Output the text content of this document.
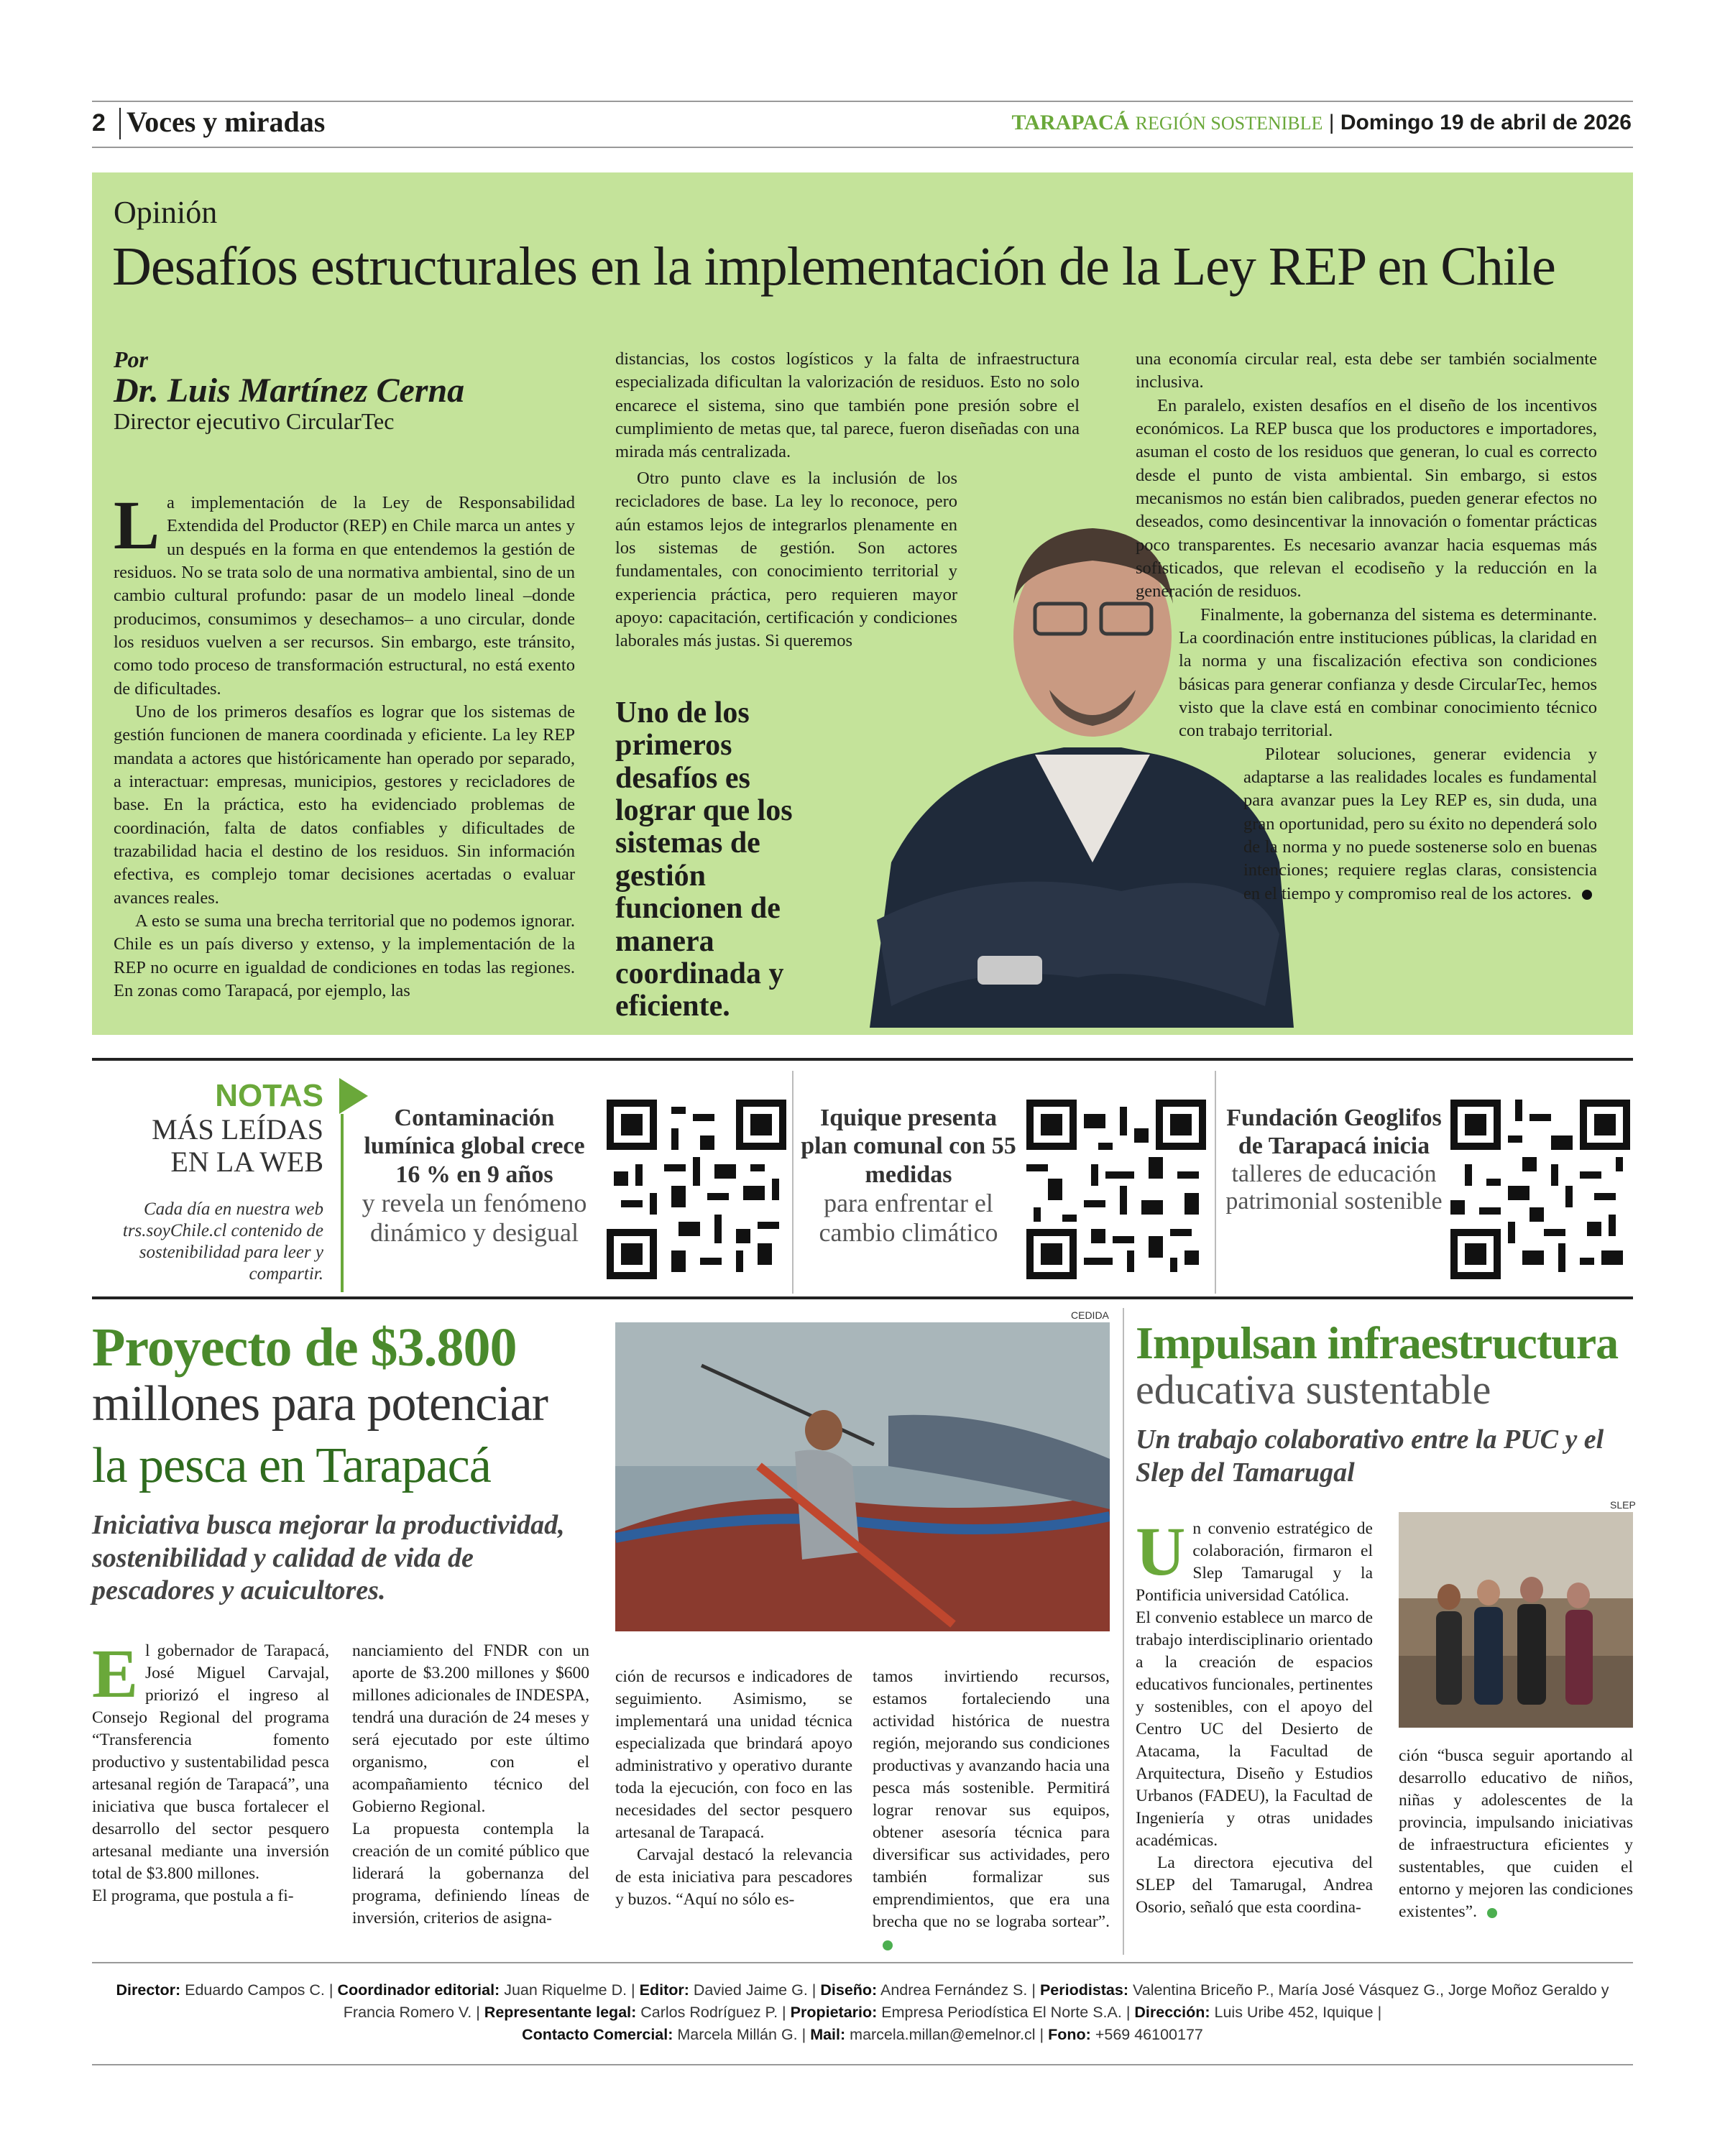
2 Voces y miradas	TARAPACÁ REGIÓN SOSTENIBLE | Domingo 19 de abril de 2026
Opinión
Desafíos estructurales en la implementación de la Ley REP en Chile
Por
Dr. Luis Martínez Cerna
Director ejecutivo CircularTec

La implementación de la Ley de Responsabilidad Extendida del Productor (REP) en Chile marca un antes y un después en la forma en que entendemos la gestión de residuos. No se trata solo de una normativa ambiental, sino de un cambio cultural profundo: pasar de un modelo lineal –donde producimos, consumimos y desechamos– a uno circular, donde los residuos vuelven a ser recursos. Sin embargo, este tránsito, como todo proceso de transformación estructural, no está exento de dificultades.

Uno de los primeros desafíos es lograr que los sistemas de gestión funcionen de manera coordinada y eficiente. La ley REP mandata a actores que históricamente han operado por separado, a interactuar: empresas, municipios, gestores y recicladores de base. En la práctica, esto ha evidenciado problemas de coordinación, falta de datos confiables y dificultades de trazabilidad hacia el destino de los residuos. Sin información efectiva, es complejo tomar decisiones acertadas o evaluar avances reales.

A esto se suma una brecha territorial que no podemos ignorar. Chile es un país diverso y extenso, y la implementación de la REP no ocurre en igualdad de condiciones en todas las regiones. En zonas como Tarapacá, por ejemplo, las

distancias, los costos logísticos y la falta de infraestructura especializada dificultan la valorización de residuos. Esto no solo encarece el sistema, sino que también pone presión sobre el cumplimiento de metas que, tal parece, fueron diseñadas con una mirada más centralizada.

Otro punto clave es la inclusión de los recicladores de base. La ley lo reconoce, pero aún estamos lejos de integrarlos plenamente en los sistemas de gestión. Son actores fundamentales, con conocimiento territorial y experiencia práctica, pero requieren mayor apoyo: capacitación, certificación y condiciones laborales más justas. Si queremos

Uno de los primeros desafíos es lograr que los sistemas de gestión funcionen de manera coordinada y eficiente.

una economía circular real, esta debe ser también socialmente inclusiva.

En paralelo, existen desafíos en el diseño de los incentivos económicos. La REP busca que los productores e importadores, asuman el costo de los residuos que generan, lo cual es correcto desde el punto de vista ambiental. Sin embargo, si estos mecanismos no están bien calibrados, pueden generar efectos no deseados, como desincentivar la innovación o fomentar prácticas poco transparentes. Es necesario avanzar hacia esquemas más sofisticados, que relevan el ecodiseño y la reducción en la generación de residuos.

Finalmente, la gobernanza del sistema es determinante. La coordinación entre instituciones públicas, la claridad en la norma y una fiscalización efectiva son condiciones básicas para generar confianza y desde CircularTec, hemos visto que la clave está en combinar conocimiento técnico con trabajo territorial.

Pilotear soluciones, generar evidencia y adaptarse a las realidades locales es fundamental para avanzar pues la Ley REP es, sin duda, una gran oportunidad, pero su éxito no dependerá solo de la norma y no puede sostenerse solo en buenas intenciones; requiere reglas claras, consistencia en el tiempo y compromiso real de los actores.

NOTAS
MÁS LEÍDAS
EN LA WEB
Cada día en nuestra web trs.soyChile.cl contenido de sostenibilidad para leer y compartir.
Contaminación lumínica global crece 16 % en 9 años
y revela un fenómeno dinámico y desigual
Iquique presenta plan comunal con 55 medidas
para enfrentar el cambio climático
Fundación Geoglifos de Tarapacá inicia
talleres de educación patrimonial sostenible
Proyecto de $3.800
millones para potenciar
la pesca en Tarapacá
Iniciativa busca mejorar la productividad, sostenibilidad y calidad de vida de pescadores y acuicultores.
CEDIDA

El gobernador de Tarapacá, José Miguel Carvajal, priorizó el ingreso al Consejo Regional del programa “Transferencia fomento productivo y sustentabilidad pesca artesanal región de Tarapacá”, una iniciativa que busca fortalecer el desarrollo del sector pesquero artesanal mediante una inversión total de $3.800 millones.

El programa, que postula a fi-

nanciamiento del FNDR con un aporte de $3.200 millones y $600 millones adicionales de INDESPA, tendrá una duración de 24 meses y será ejecutado por este último organismo, con el acompañamiento técnico del Gobierno Regional.

La propuesta contempla la creación de un comité público que liderará la gobernanza del programa, definiendo líneas de inversión, criterios de asigna-

ción de recursos e indicadores de seguimiento. Asimismo, se implementará una unidad técnica especializada que brindará apoyo administrativo y operativo durante toda la ejecución, con foco en las necesidades del sector pesquero artesanal de Tarapacá.

Carvajal destacó la relevancia de esta iniciativa para pescadores y buzos. “Aquí no sólo es-

tamos invirtiendo recursos, estamos fortaleciendo una actividad histórica de nuestra región, mejorando sus condiciones productivas y avanzando hacia una pesca más sostenible. Permitirá lograr renovar sus equipos, obtener asesoría técnica para diversificar sus actividades, pero también formalizar sus emprendimientos, que era una brecha que no se lograba sortear”.

Impulsan infraestructura
educativa sustentable
Un trabajo colaborativo entre la PUC y el Slep del Tamarugal

Un convenio estratégico de colaboración, firmaron el Slep Tamarugal y la Pontificia universidad Católica.

El convenio establece un marco de trabajo interdisciplinario orientado a la creación de espacios educativos funcionales, pertinentes y sostenibles, con el apoyo del Centro UC del Desierto de Atacama, la Facultad de Arquitectura, Diseño y Estudios Urbanos (FADEU), la Facultad de Ingeniería y otras unidades académicas.

La directora ejecutiva del SLEP del Tamarugal, Andrea Osorio, señaló que esta coordina-

SLEP

ción “busca seguir aportando al desarrollo educativo de niños, niñas y adolescentes de la provincia, impulsando iniciativas de infraestructura eficientes y sustentables, que cuiden el entorno y mejoren las condiciones existentes”.

Director: Eduardo Campos C. | Coordinador editorial: Juan Riquelme D. | Editor: Davied Jaime G. | Diseño: Andrea Fernández S. | Periodistas: Valentina Briceño P., María José Vásquez G., Jorge Moñoz Geraldo y Francia Romero V. | Representante legal: Carlos Rodríguez P. | Propietario: Empresa Periodística El Norte S.A. | Dirección: Luis Uribe 452, Iquique |
Contacto Comercial: Marcela Millán G. | Mail: marcela.millan@emelnor.cl | Fono: +569 46100177
